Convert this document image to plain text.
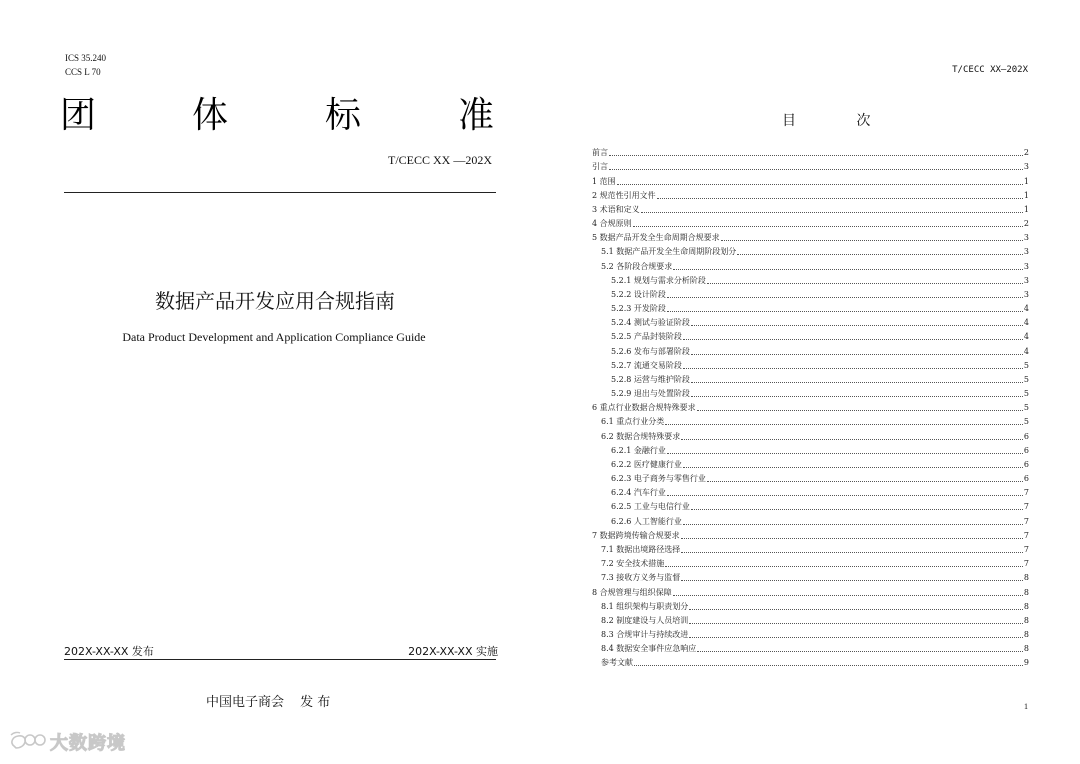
ICS 35.240
CCS L 70
团	体	标	准
T/CECC XX —202X
数据产品开发应用合规指南
Data Product Development and Application Compliance Guide
202X-XX-XX 发布	202X-XX-XX 实施
中国电子商会 发 布
大数跨境
T/CECC XX—202X
目 次
前言	2
引言	3
1 范围	1
2 规范性引用文件	1
3 术语和定义	1
4 合规原则	2
5 数据产品开发全生命周期合规要求	3
5.1 数据产品开发全生命周期阶段划分	3
5.2 各阶段合规要求	3
5.2.1 规划与需求分析阶段	3
5.2.2 设计阶段	3
5.2.3 开发阶段	4
5.2.4 测试与验证阶段	4
5.2.5 产品封装阶段	4
5.2.6 发布与部署阶段	4
5.2.7 流通交易阶段	5
5.2.8 运营与维护阶段	5
5.2.9 退出与处置阶段	5
6 重点行业数据合规特殊要求	5
6.1 重点行业分类	5
6.2 数据合规特殊要求	6
6.2.1 金融行业	6
6.2.2 医疗健康行业	6
6.2.3 电子商务与零售行业	6
6.2.4 汽车行业	7
6.2.5 工业与电信行业	7
6.2.6 人工智能行业	7
7 数据跨境传输合规要求	7
7.1 数据出境路径选择	7
7.2 安全技术措施	7
7.3 接收方义务与监督	8
8 合规管理与组织保障	8
8.1 组织架构与职责划分	8
8.2 制度建设与人员培训	8
8.3 合规审计与持续改进	8
8.4 数据安全事件应急响应	8
参考文献	9
1
